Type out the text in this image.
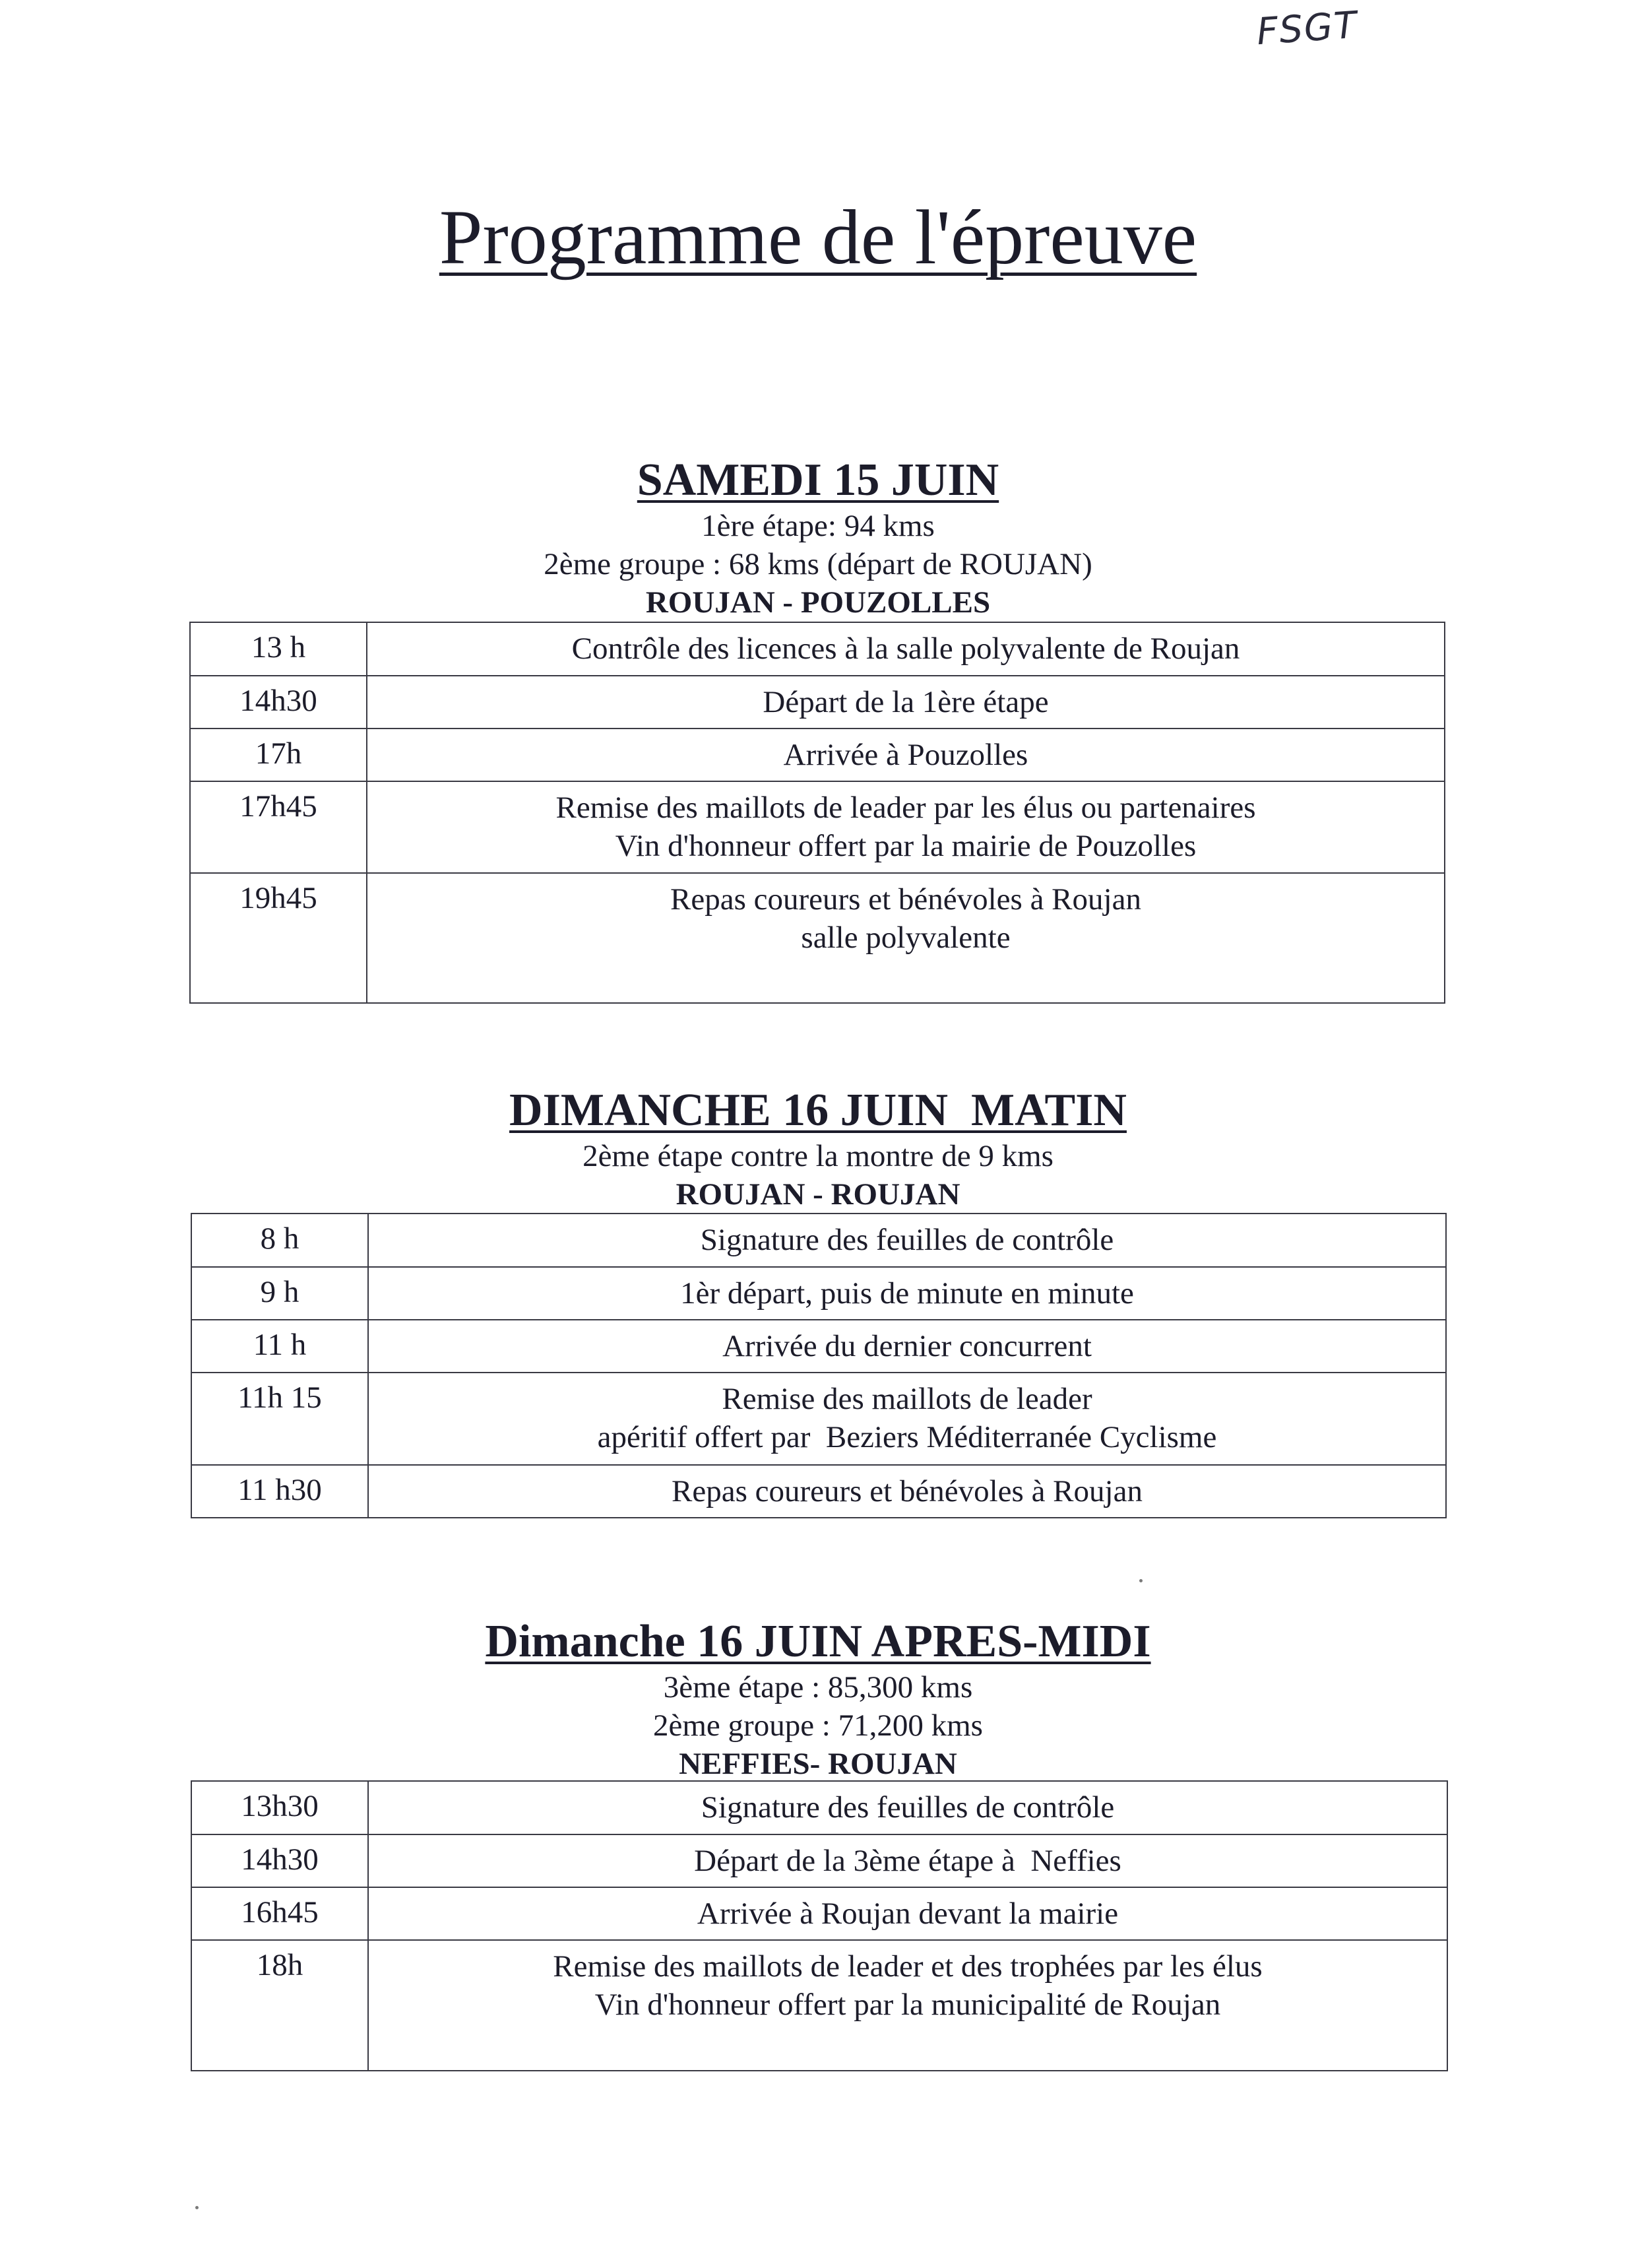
FSGT
Programme de l'épreuve
SAMEDI 15 JUIN
1ère étape: 94 kms
2ème groupe : 68 kms (départ de ROUJAN)
ROUJAN - POUZOLLES
13 h	Contrôle des licences à la salle polyvalente de Roujan

14h30	Départ de la 1ère étape

17h	Arrivée à Pouzolles

17h45	Remise des maillots de leader par les élus ou partenaires
Vin d'honneur offert par la mairie de Pouzolles

19h45	Repas coureurs et bénévoles à Roujan
salle polyvalente
DIMANCHE 16 JUIN  MATIN
2ème étape contre la montre de 9 kms
ROUJAN - ROUJAN
8 h	Signature des feuilles de contrôle

9 h	1èr départ, puis de minute en minute

11 h	Arrivée du dernier concurrent

11h 15	Remise des maillots de leader
apéritif offert par  Beziers Méditerranée Cyclisme

11 h30	Repas coureurs et bénévoles à Roujan
Dimanche 16 JUIN APRES-MIDI
3ème étape : 85,300 kms
2ème groupe : 71,200 kms
NEFFIES- ROUJAN
13h30	Signature des feuilles de contrôle

14h30	Départ de la 3ème étape à  Neffies

16h45	Arrivée à Roujan devant la mairie

18h	Remise des maillots de leader et des trophées par les élus
Vin d'honneur offert par la municipalité de Roujan
